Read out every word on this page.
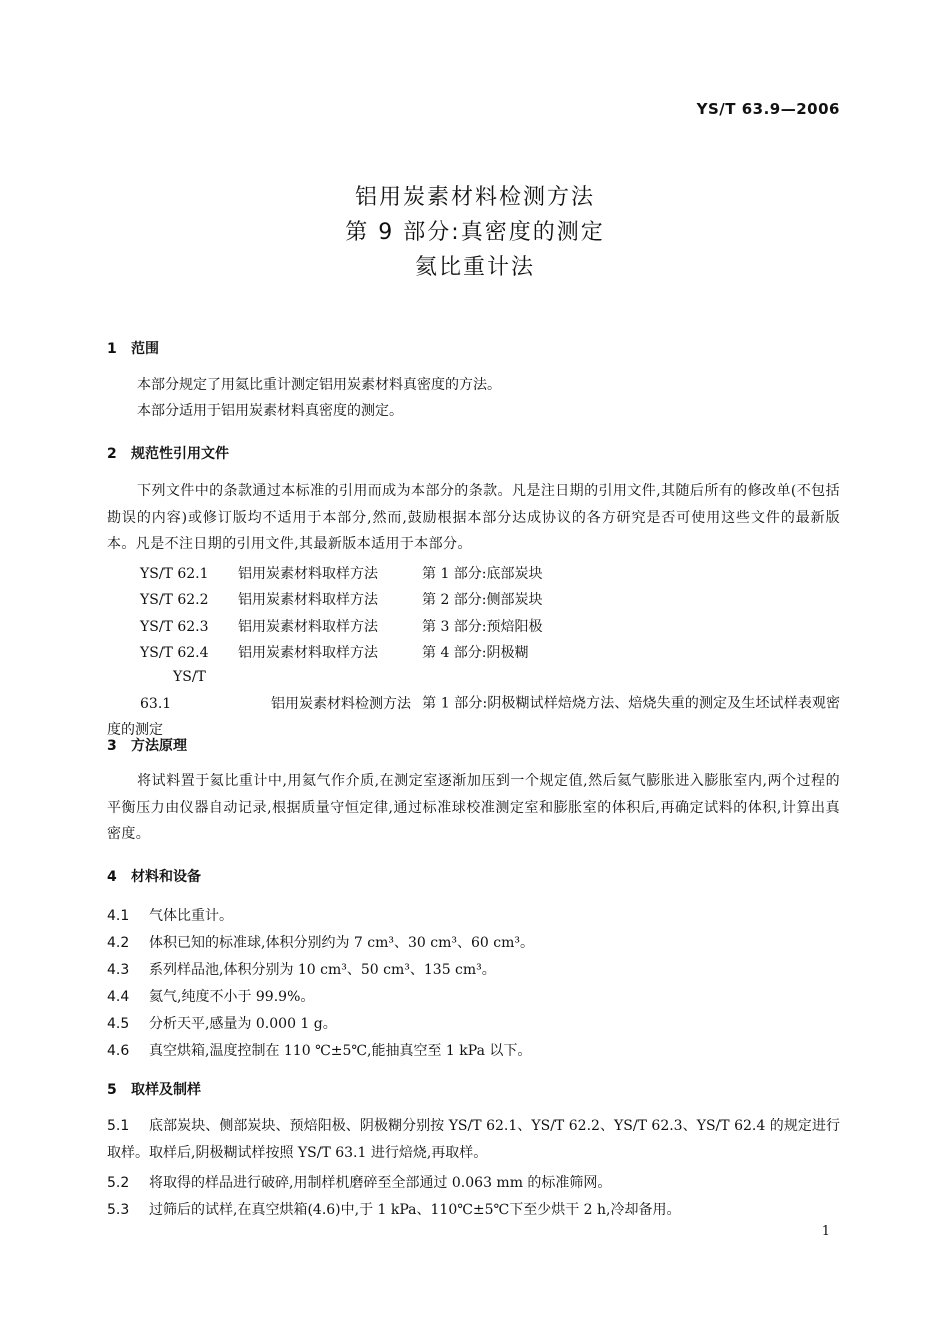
YS/T 63.9—2006
铝用炭素材料检测方法
第 9 部分:真密度的测定
氦比重计法
1 范围
本部分规定了用氦比重计测定铝用炭素材料真密度的方法。
本部分适用于铝用炭素材料真密度的测定。
2 规范性引用文件
下列文件中的条款通过本标准的引用而成为本部分的条款。凡是注日期的引用文件,其随后所有的修改单(不包括勘误的内容)或修订版均不适用于本部分,然而,鼓励根据本部分达成协议的各方研究是否可使用这些文件的最新版本。凡是不注日期的引用文件,其最新版本适用于本部分。
YS/T 62.1 铝用炭素材料取样方法	第 1 部分:底部炭块
YS/T 62.2 铝用炭素材料取样方法	第 2 部分:侧部炭块
YS/T 62.3 铝用炭素材料取样方法	第 3 部分:预焙阳极
YS/T 62.4 铝用炭素材料取样方法	第 4 部分:阴极糊
YS/T 63.1	铝用炭素材料检测方法 第 1 部分:阴极糊试样焙烧方法、焙烧失重的测定及生坯试样表观密度的测定
3 方法原理
将试料置于氦比重计中,用氦气作介质,在测定室逐渐加压到一个规定值,然后氦气膨胀进入膨胀室内,两个过程的平衡压力由仪器自动记录,根据质量守恒定律,通过标准球校准测定室和膨胀室的体积后,再确定试料的体积,计算出真密度。
4 材料和设备
4.1 气体比重计。
4.2 体积已知的标准球,体积分别约为 7 cm³、30 cm³、60 cm³。
4.3 系列样品池,体积分别为 10 cm³、50 cm³、135 cm³。
4.4 氦气,纯度不小于 99.9%。
4.5 分析天平,感量为 0.000 1 g。
4.6 真空烘箱,温度控制在 110 ℃±5℃,能抽真空至 1 kPa 以下。
5 取样及制样
5.1 底部炭块、侧部炭块、预焙阳极、阴极糊分别按 YS/T 62.1、YS/T 62.2、YS/T 62.3、YS/T 62.4 的规定进行取样。取样后,阴极糊试样按照 YS/T 63.1 进行焙烧,再取样。
5.2 将取得的样品进行破碎,用制样机磨碎至全部通过 0.063 mm 的标准筛网。
5.3 过筛后的试样,在真空烘箱(4.6)中,于 1 kPa、110℃±5℃下至少烘干 2 h,冷却备用。
1
